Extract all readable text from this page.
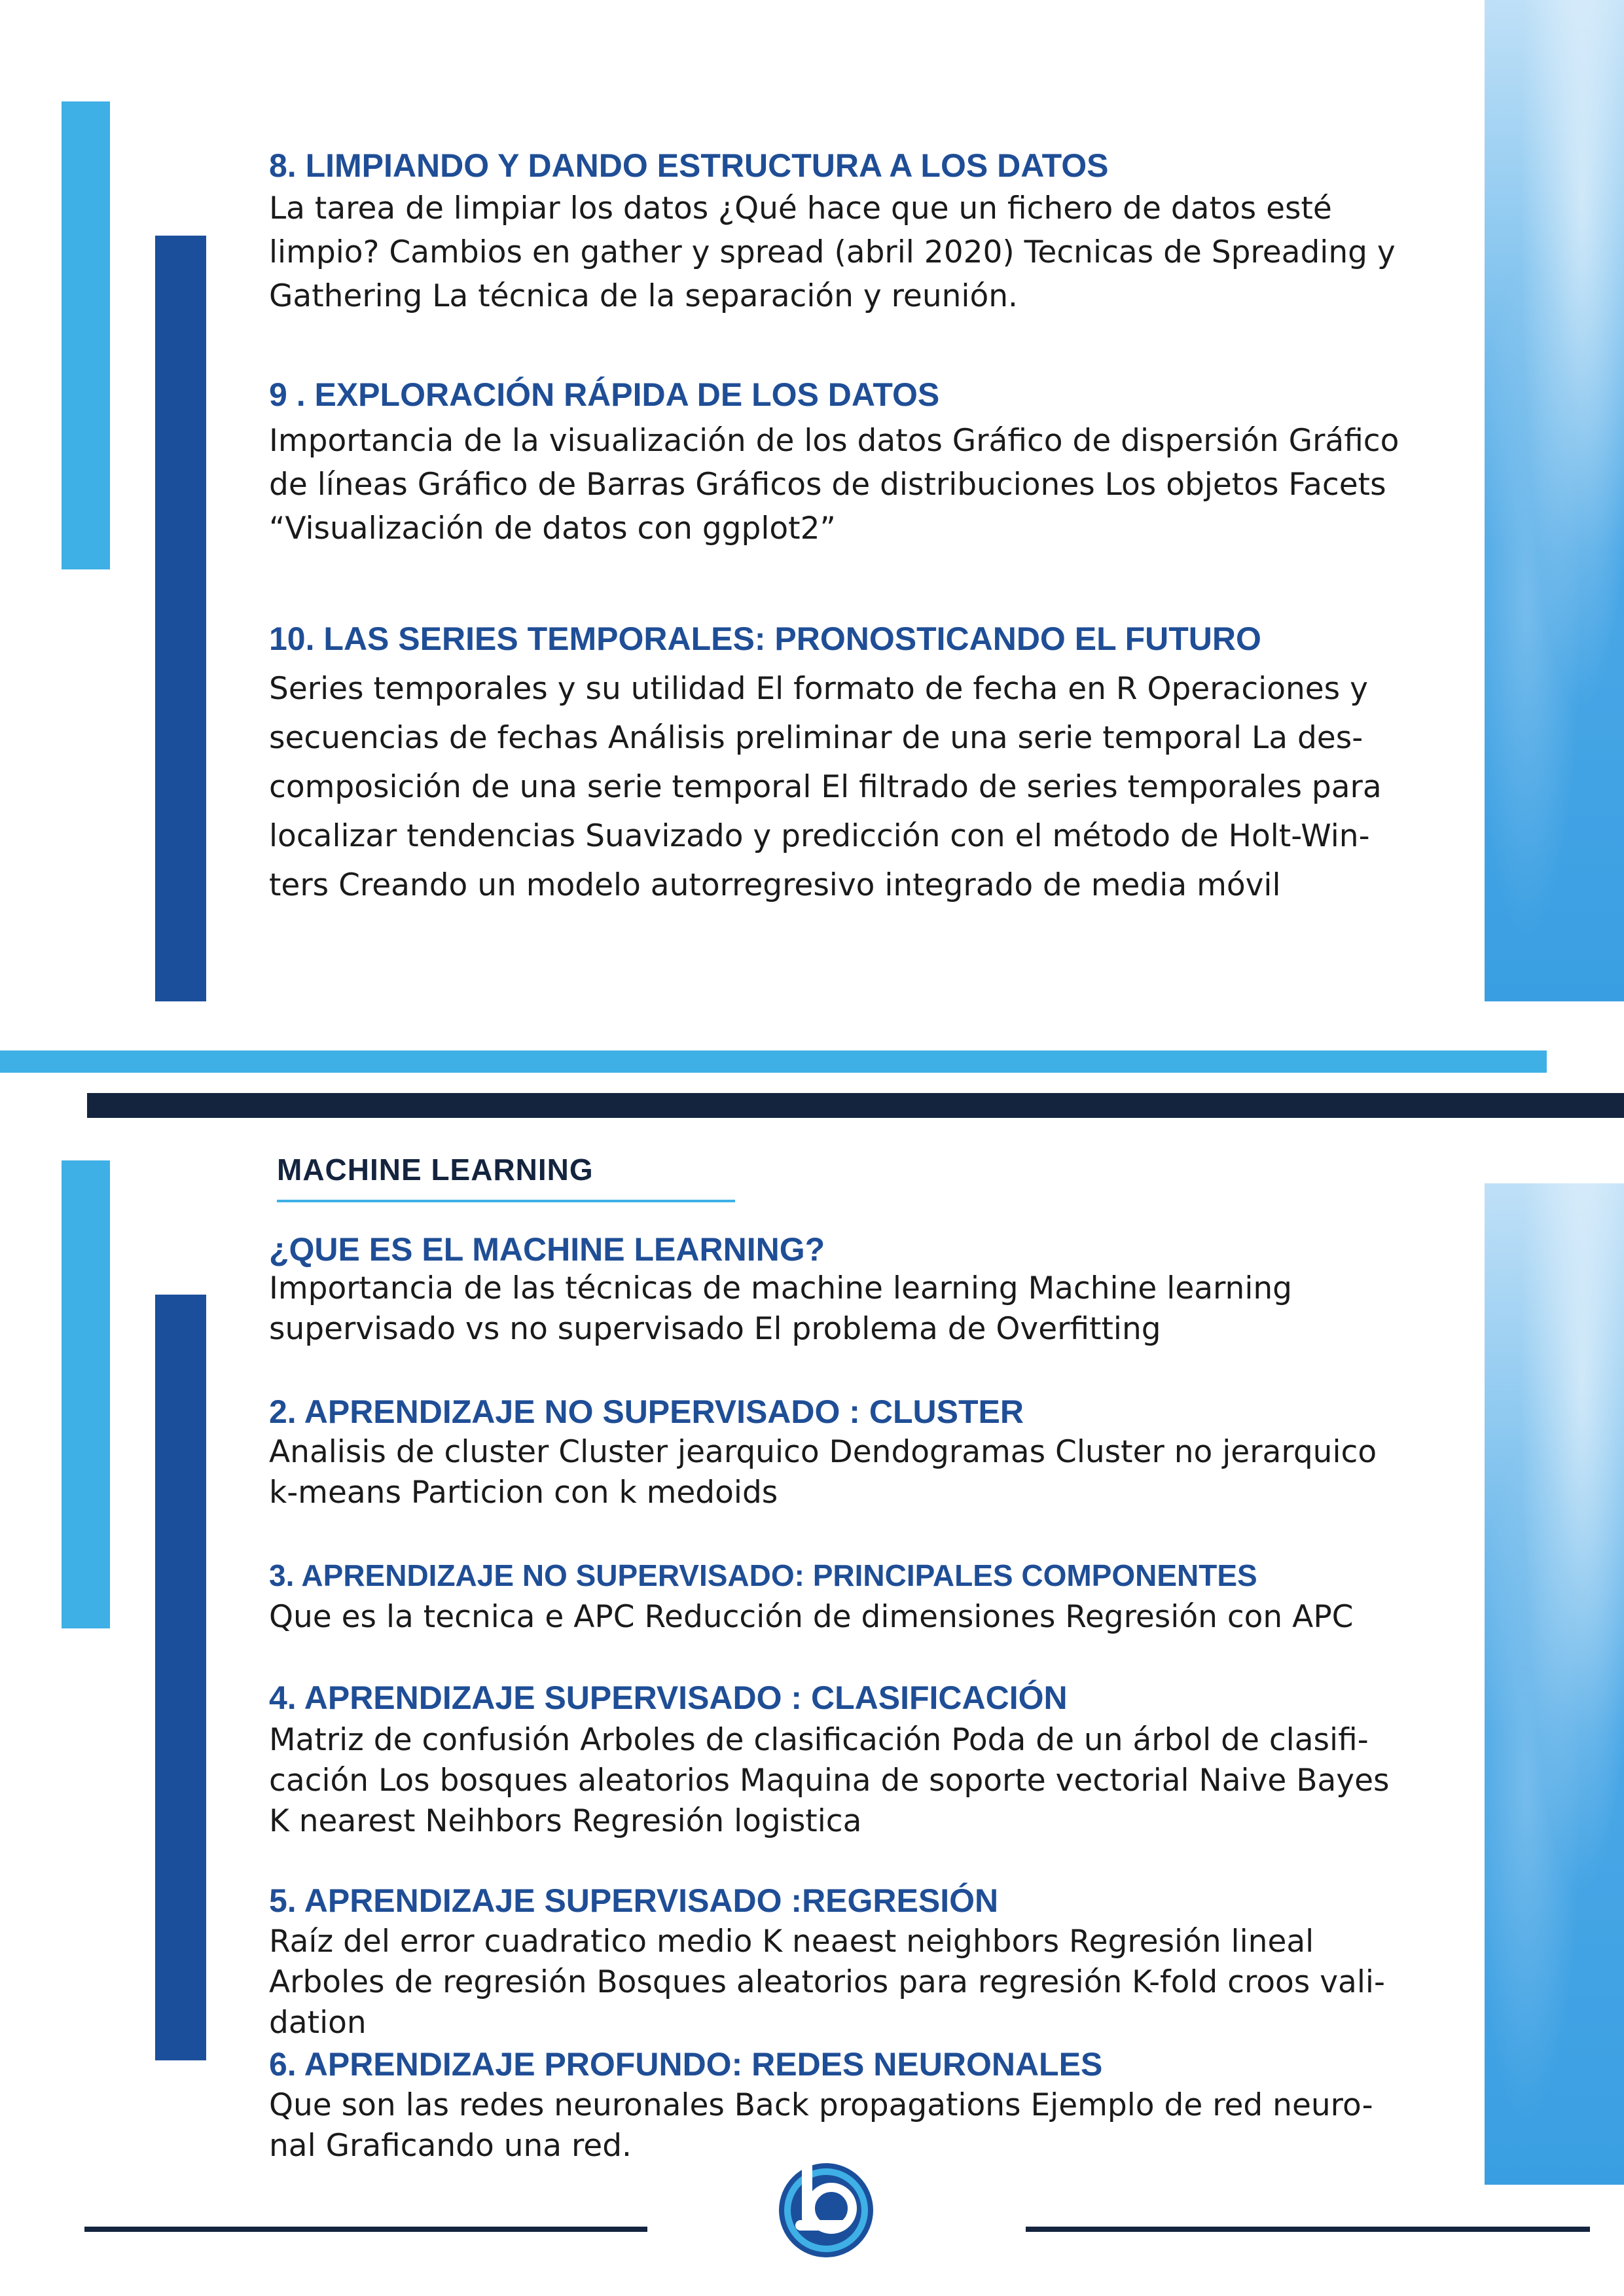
8. LIMPIANDO Y DANDO ESTRUCTURA A LOS DATOS
La tarea de limpiar los datos ¿Qué hace que un fichero de datos esté
limpio? Cambios en gather y spread (abril 2020) Tecnicas de Spreading y
Gathering La técnica de la separación y reunión.
9 . EXPLORACIÓN RÁPIDA DE LOS DATOS
Importancia de la visualización de los datos Gráfico de dispersión Gráfico
de líneas Gráfico de Barras Gráficos de distribuciones Los objetos Facets
“Visualización de datos con ggplot2”
10. LAS SERIES TEMPORALES: PRONOSTICANDO EL FUTURO
Series temporales y su utilidad El formato de fecha en R Operaciones y
secuencias de fechas Análisis preliminar de una serie temporal La des-
composición de una serie temporal El filtrado de series temporales para
localizar tendencias Suavizado y predicción con el método de Holt-Win-
ters Creando un modelo autorregresivo integrado de media móvil
MACHINE LEARNING
¿QUE ES EL MACHINE LEARNING?
Importancia de las técnicas de machine learning Machine learning
supervisado vs no supervisado El problema de Overfitting
2. APRENDIZAJE NO SUPERVISADO : CLUSTER
Analisis de cluster Cluster jearquico Dendogramas Cluster no jerarquico
k-means Particion con k medoids
3. APRENDIZAJE NO SUPERVISADO: PRINCIPALES COMPONENTES
Que es la tecnica e APC Reducción de dimensiones Regresión con APC
4. APRENDIZAJE SUPERVISADO : CLASIFICACIÓN
Matriz de confusión Arboles de clasificación Poda de un árbol de clasifi-
cación Los bosques aleatorios Maquina de soporte vectorial Naive Bayes
K nearest Neihbors Regresión logistica
5. APRENDIZAJE SUPERVISADO :REGRESIÓN
Raíz del error cuadratico medio K neaest neighbors Regresión lineal
Arboles de regresión Bosques aleatorios para regresión K-fold croos vali-
dation
6. APRENDIZAJE PROFUNDO: REDES NEURONALES
Que son las redes neuronales Back propagations Ejemplo de red neuro-
nal Graficando una red.
